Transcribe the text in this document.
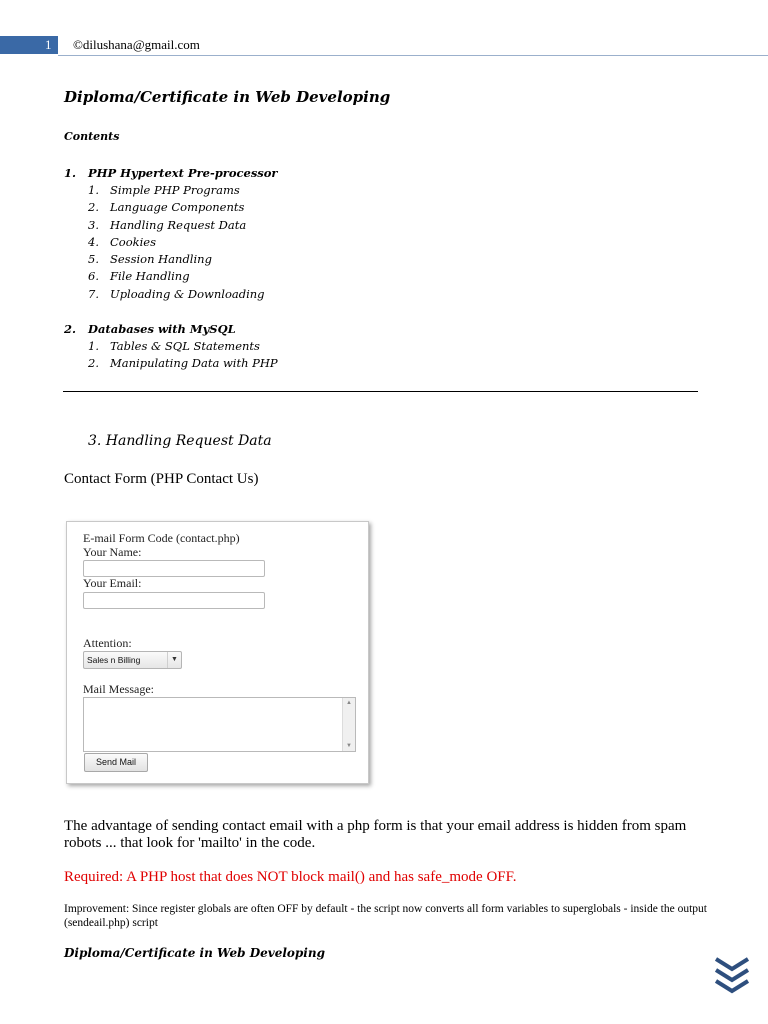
1	©dilushana@gmail.com
Diploma/Certificate in Web Developing
Contents
1. PHP Hypertext Pre-processor
1. Simple PHP Programs
2. Language Components
3. Handling Request Data
4. Cookies
5. Session Handling
6. File Handling
7. Uploading & Downloading
2. Databases with MySQL
1. Tables & SQL Statements
2. Manipulating Data with PHP
3. Handling Request Data
Contact Form (PHP Contact Us)
E-mail Form Code (contact.php)
Your Name:
Your Email:
Attention:
Sales n Billing	▼
Mail Message:
▲
▼
Send Mail
The advantage of sending contact email with a php form is that your email address is hidden from spam robots ... that look for 'mailto' in the code.
Required: A PHP host that does NOT block mail() and has safe_mode OFF.
Improvement: Since register globals are often OFF by default - the script now converts all form variables to superglobals - inside the output (sendeail.php) script
Diploma/Certificate in Web Developing
